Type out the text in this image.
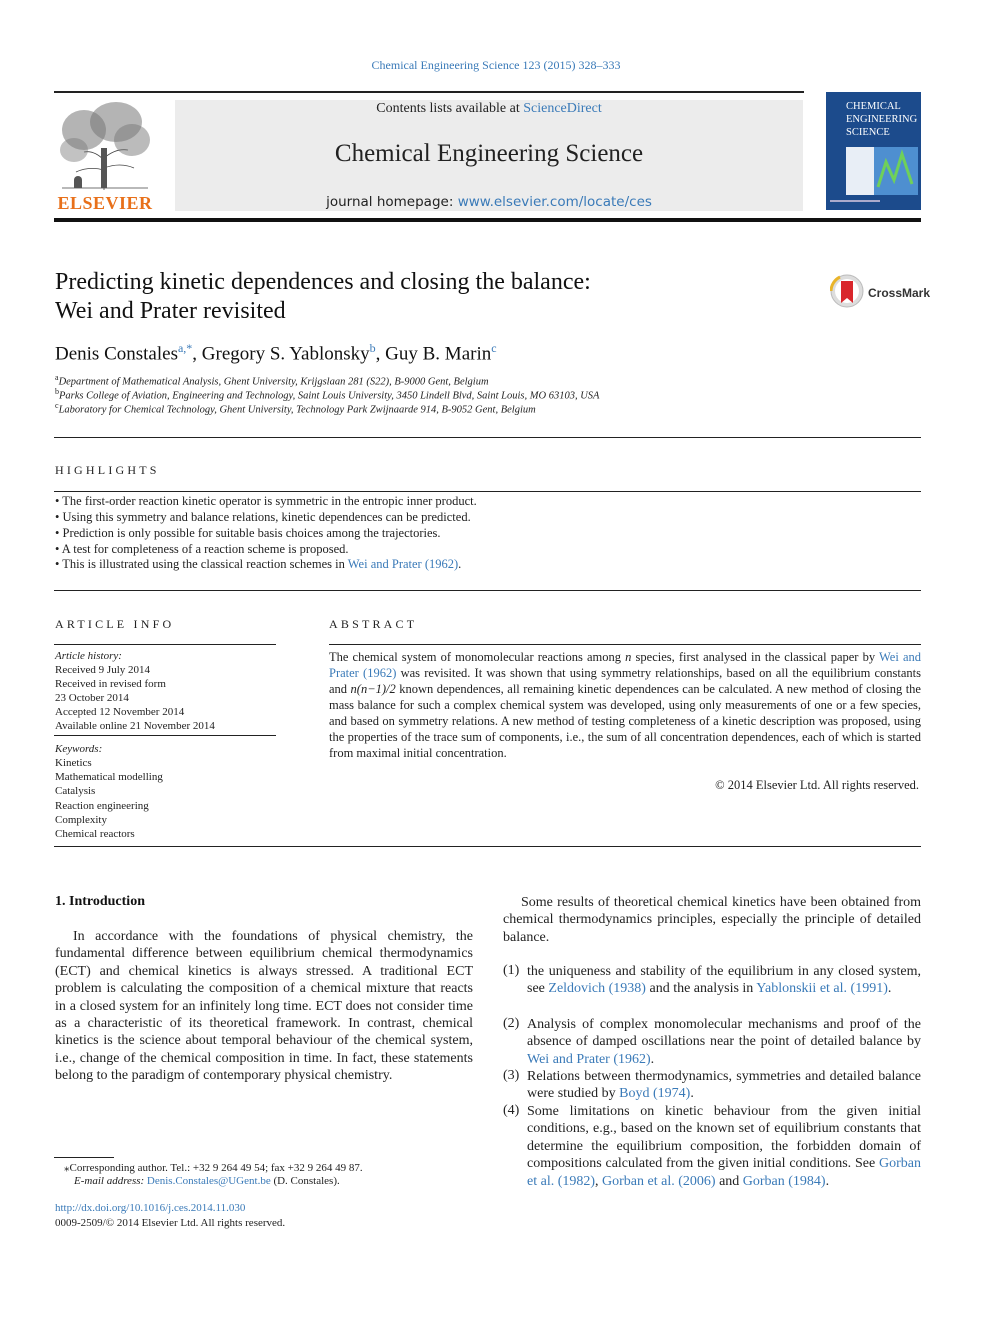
Chemical Engineering Science 123 (2015) 328–333
ELSEVIER
Contents lists available at ScienceDirect
Chemical Engineering Science
journal homepage: www.elsevier.com/locate/ces
CHEMICAL ENGINEERING SCIENCE
Predicting kinetic dependences and closing the balance:
Wei and Prater revisited
CrossMark
Denis Constales$^{a,*}$, Gregory S. Yablonsky$^b$, Guy B. Marin$^c$
$^a$Department of Mathematical Analysis, Ghent University, Krijgslaan 281 (S22), B-9000 Gent, Belgium
$^b$Parks College of Aviation, Engineering and Technology, Saint Louis University, 3450 Lindell Blvd, Saint Louis, MO 63103, USA
$^c$Laboratory for Chemical Technology, Ghent University, Technology Park Zwijnaarde 914, B-9052 Gent, Belgium
HIGHLIGHTS
• The first-order reaction kinetic operator is symmetric in the entropic inner product.
• Using this symmetry and balance relations, kinetic dependences can be predicted.
• Prediction is only possible for suitable basis choices among the trajectories.
• A test for completeness of a reaction scheme is proposed.
• This is illustrated using the classical reaction schemes in Wei and Prater (1962).
ARTICLE INFO
Article history:
Received 9 July 2014
Received in revised form
23 October 2014
Accepted 12 November 2014
Available online 21 November 2014
Keywords:
Kinetics
Mathematical modelling
Catalysis
Reaction engineering
Complexity
Chemical reactors
ABSTRACT
The chemical system of monomolecular reactions among n species, first analysed in the classical paper by Wei and Prater (1962) was revisited. It was shown that using symmetry relationships, based on all the equilibrium constants and n(n−1)/2 known dependences, all remaining kinetic dependences can be calculated. A new method of closing the mass balance for such a complex chemical system was developed, using only measurements of one or a few species, and based on symmetry relations. A new method of testing completeness of a kinetic description was proposed, using the properties of the trace sum of components, i.e., the sum of all concentration dependences, each of which is started from maximal initial concentration.
© 2014 Elsevier Ltd. All rights reserved.
1. Introduction
In accordance with the foundations of physical chemistry, the fundamental difference between equilibrium chemical thermodynamics (ECT) and chemical kinetics is always stressed. A traditional ECT problem is calculating the composition of a chemical mixture that reacts in a closed system for an infinitely long time. ECT does not consider time as a characteristic of its theoretical framework. In contrast, chemical kinetics is the science about temporal behaviour of the chemical system, i.e., change of the chemical composition in time. In fact, these statements belong to the paradigm of contemporary physical chemistry.
Some results of theoretical chemical kinetics have been obtained from chemical thermodynamics principles, especially the principle of detailed balance.
(1) the uniqueness and stability of the equilibrium in any closed system, see Zeldovich (1938) and the analysis in Yablonskii et al. (1991).
(2) Analysis of complex monomolecular mechanisms and proof of the absence of damped oscillations near the point of detailed balance by Wei and Prater (1962).
(3) Relations between thermodynamics, symmetries and detailed balance were studied by Boyd (1974).
(4) Some limitations on kinetic behaviour from the given initial conditions, e.g., based on the known set of equilibrium constants that determine the equilibrium composition, the forbidden domain of compositions calculated from the given initial conditions. See Gorban et al. (1982), Gorban et al. (2006) and Gorban (1984).
⁎Corresponding author. Tel.: +32 9 264 49 54; fax +32 9 264 49 87.
E-mail address: Denis.Constales@UGent.be (D. Constales).
http://dx.doi.org/10.1016/j.ces.2014.11.030
0009-2509/© 2014 Elsevier Ltd. All rights reserved.
